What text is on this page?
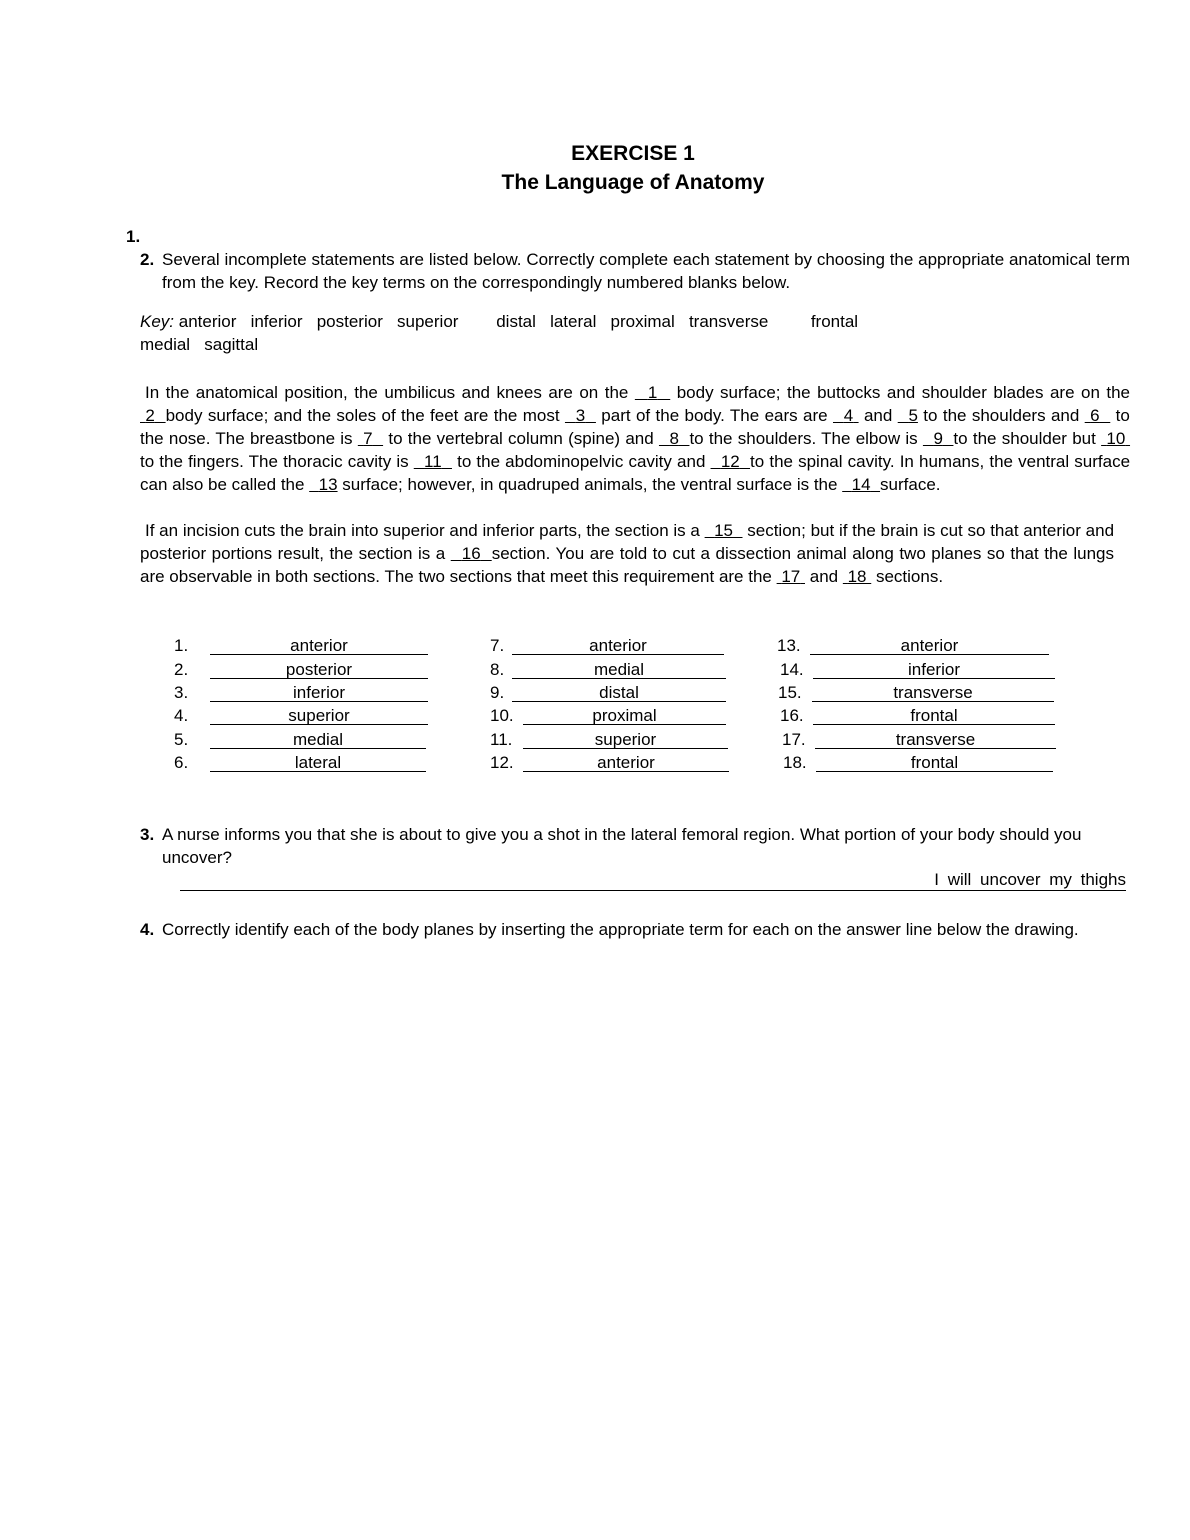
EXERCISE 1
The Language of Anatomy
1.
2. Several incomplete statements are listed below. Correctly complete each statement by choosing the appropriate anatomical term from the key. Record the key terms on the correspondingly numbered blanks below.
Key: anterior   inferior   posterior   superior        distal   lateral   proximal   transverse         frontal
medial   sagittal
In the anatomical position, the umbilicus and knees are on the 1 body surface; the buttocks and shoulder blades are on the  2 body surface; and the soles of the feet are the most 3 part of the body. The ears are 4 and 5 to the shoulders and 6 to the nose. The breastbone is 7 to the vertebral column (spine) and 8 to the shoulders. The elbow is 9 to the shoulder but 10  to the fingers. The thoracic cavity is 11 to the abdominopelvic cavity and 12 to the spinal cavity. In humans, the ventral surface can also be called the 13 surface; however, in quadruped animals, the ventral surface is the 14 surface.
If an incision cuts the brain into superior and inferior parts, the section is a 15 section; but if the brain is cut so that anterior and posterior portions result, the section is a 16 section. You are told to cut a dissection animal along two planes so that the lungs are observable in both sections. The two sections that meet this requirement are the 17 and 18 sections.
1.	anterior
2.	posterior
3.	inferior
4.	superior
5.	medial
6.	lateral
7.	anterior
8.	medial
9.	distal
10.	proximal
11.	superior
12.	anterior
13.	anterior
14.	inferior
15.	transverse
16.	frontal
17.	transverse
18.	frontal
3. A nurse informs you that she is about to give you a shot in the lateral femoral region. What portion of your body should you uncover?
I will uncover my thighs
4. Correctly identify each of the body planes by inserting the appropriate term for each on the answer line below the drawing.
